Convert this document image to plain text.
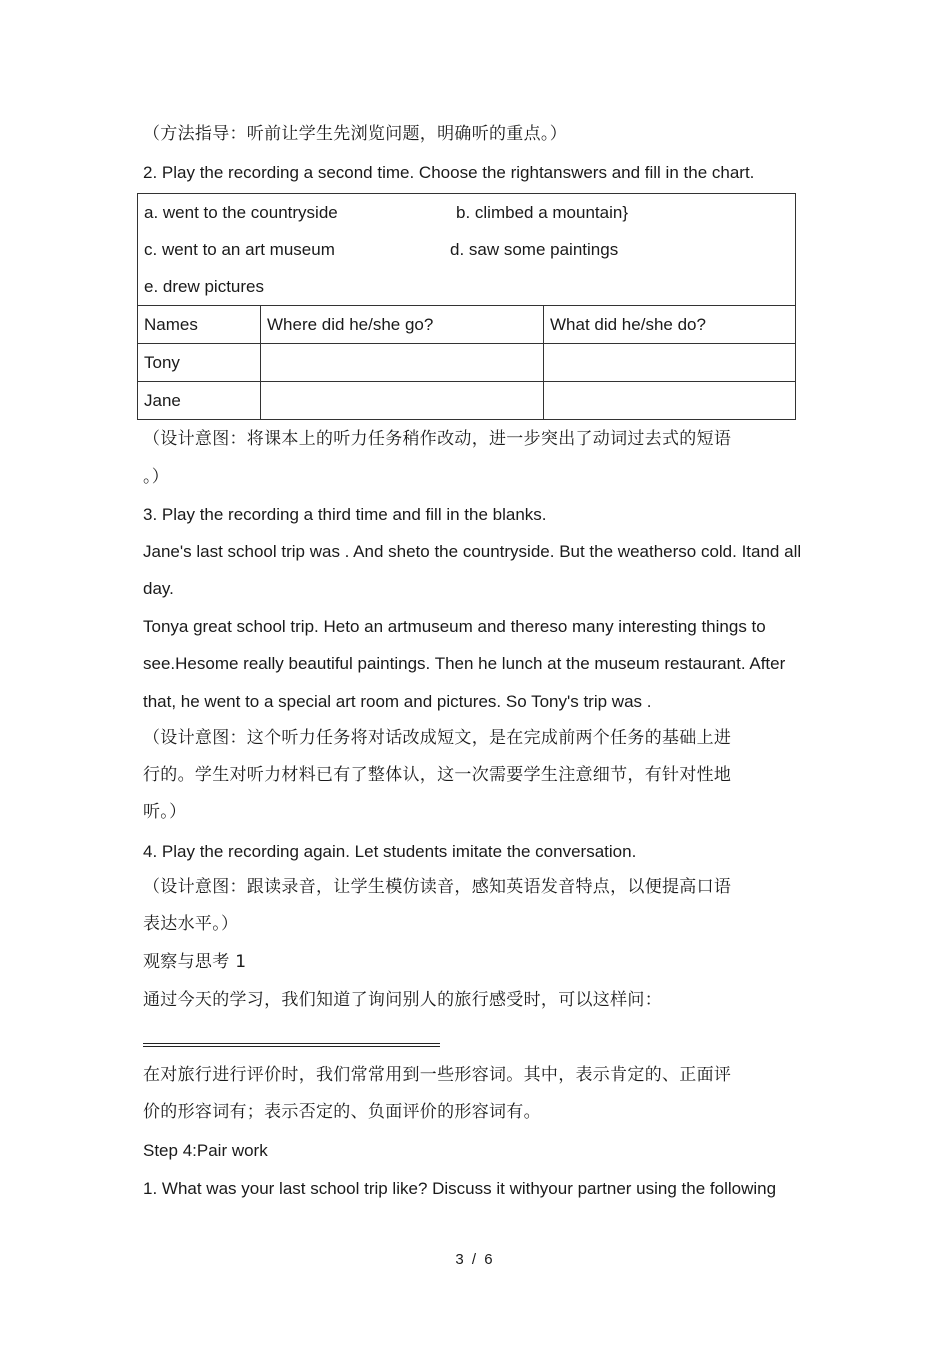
（方法指导：听前让学生先浏览问题，明确听的重点。）
2. Play the recording a second time. Choose the rightanswers and fill in the chart.
a. went to the countryside b. climbed a mountain}
c. went to an art museum d. saw some paintings
e. drew pictures		

Names	Where did he/she go?	What did he/she do?
Tony		
Jane		
（设计意图：将课本上的听力任务稍作改动，进一步突出了动词过去式的短语
。）
3. Play the recording a third time and fill in the blanks.
Jane's last school trip was . And sheto the countryside. But the weatherso cold. Itand all
day.
Tonya great school trip. Heto an artmuseum and thereso many interesting things to
see.Hesome really beautiful paintings. Then he lunch at the museum restaurant. After
that, he went to a special art room and pictures. So Tony's trip was .
（设计意图：这个听力任务将对话改成短文，是在完成前两个任务的基础上进
行的。学生对听力材料已有了整体认，这一次需要学生注意细节，有针对性地
听。）
4. Play the recording again. Let students imitate the conversation.
（设计意图：跟读录音，让学生模仿读音，感知英语发音特点，以便提高口语
表达水平。）
观察与思考 1
通过今天的学习，我们知道了询问别人的旅行感受时，可以这样问：
在对旅行进行评价时，我们常常用到一些形容词。其中，表示肯定的、正面评
价的形容词有；表示否定的、负面评价的形容词有。
Step 4:Pair work
1. What was your last school trip like? Discuss it withyour partner using the following
3 / 6
